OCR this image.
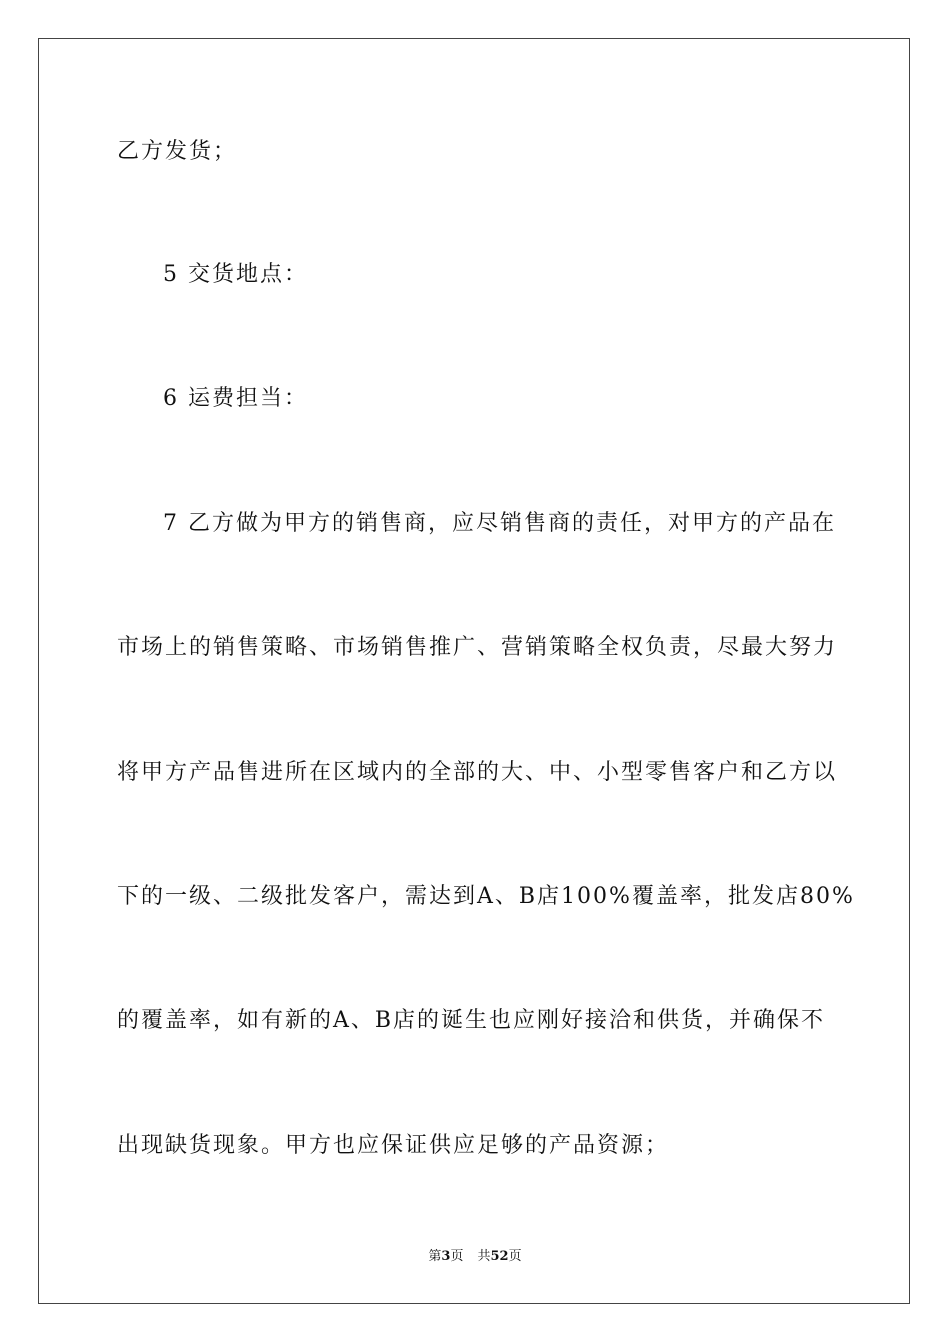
乙方发货；
5 交货地点：
6 运费担当：
7 乙方做为甲方的销售商，应尽销售商的责任，对甲方的产品在
市场上的销售策略、市场销售推广、营销策略全权负责，尽最大努力
将甲方产品售进所在区域内的全部的大、中、小型零售客户和乙方以
下的一级、二级批发客户，需达到A、B店100%覆盖率，批发店80%
的覆盖率，如有新的A、B店的诞生也应刚好接洽和供货，并确保不
出现缺货现象。甲方也应保证供应足够的产品资源；
第3页 共52页
